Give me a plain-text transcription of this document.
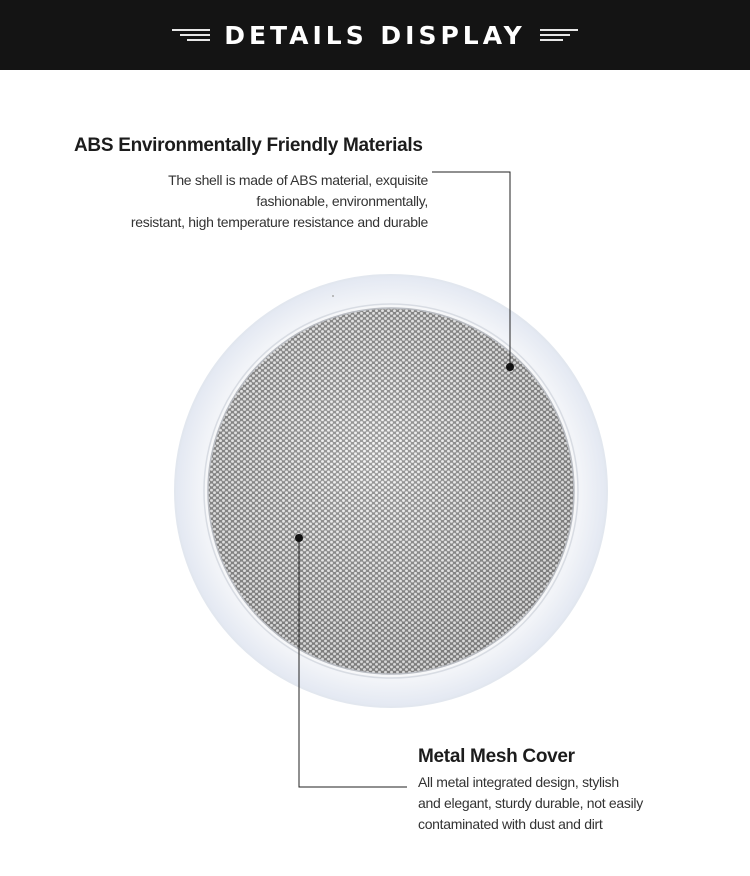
DETAILS DISPLAY
ABS Environmentally Friendly Materials
The shell is made of ABS material, exquisite
fashionable, environmentally,
resistant, high temperature resistance and durable
Metal Mesh Cover
All metal integrated design, stylish
and elegant, sturdy durable, not easily
contaminated with dust and dirt
